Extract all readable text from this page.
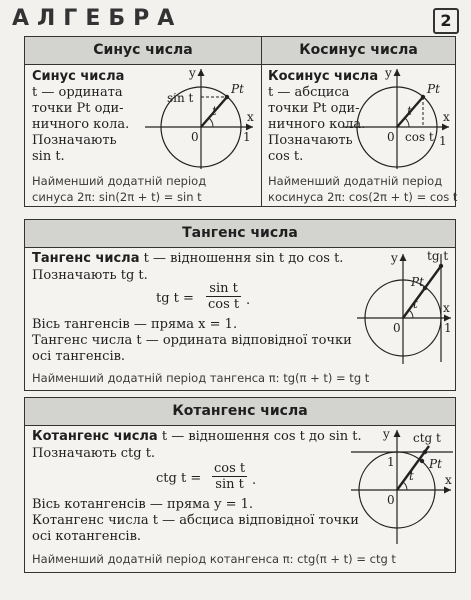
АЛГЕБРА	2
Синус числа	Косинус числа
Синус числа
t — ордината
точки Pt оди-
ничного кола.
Позначають
sin t.
Найменший додатній період
синуса 2π: sin(2π + t) = sin t
y
x
0	1
Pt
t
sin t
Косинус числа
t — абсциса
точки Pt оди-
ничного кола.
Позначають
cos t.
Найменший додатній період
косинуса 2π: cos(2π + t) = cos t
y
x
0	1
Pt
t
cos t
Тангенс числа
Тангенс числа t — відношення sin t до cos t.
Позначають tg t.
tg $t = \frac{\text{sin t}}{\text{cos t}}$ .
Вісь тангенсів — пряма x = 1.
Тангенс числа t — ордината відповідної точки
осі тангенсів.
Найменший додатній період тангенса π: tg(π + t) = tg t
y
x
0	1
Pt
t
tg t
Котангенс числа
Котангенс числа t — відношення cos t до sin t.
Позначають ctg t.
ctg $t = \frac{\text{cos t}}{\text{sin t}}$ .
Вісь котангенсів — пряма y = 1.
Котангенс числа t — абсциса відповідної точки
осі котангенсів.
Найменший додатній період котангенса π: ctg(π + t) = ctg t
y
x
0
1	Pt
t
ctg t
